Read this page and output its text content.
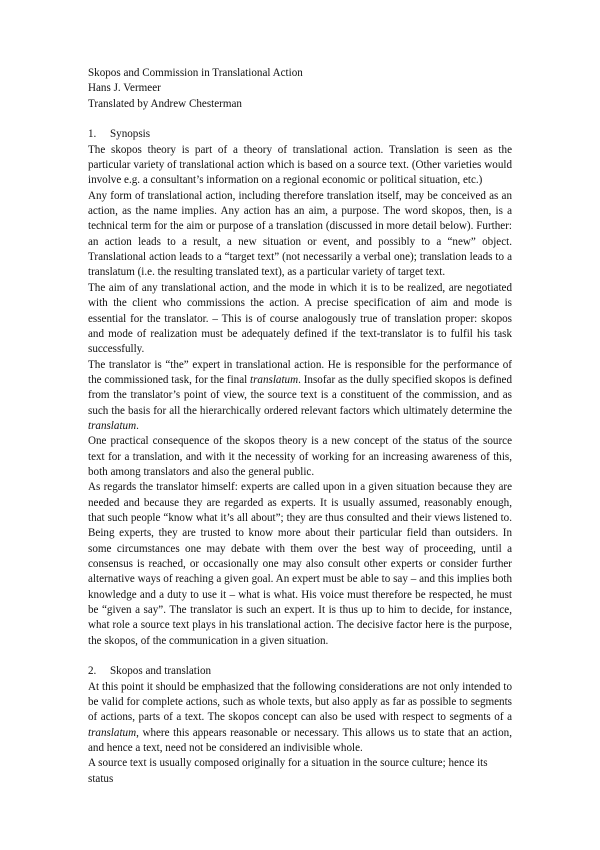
Skopos and Commission in Translational Action
Hans J. Vermeer
Translated by Andrew Chesterman

1. Synopsis

The skopos theory is part of a theory of translational action. Translation is seen as the particular variety of translational action which is based on a source text. (Other varieties would involve e.g. a consultant’s information on a regional economic or political situation, etc.)

Any form of translational action, including therefore translation itself, may be conceived as an action, as the name implies. Any action has an aim, a purpose. The word skopos, then, is a technical term for the aim or purpose of a translation (discussed in more detail below). Further: an action leads to a result, a new situation or event, and possibly to a “new” object. Translational action leads to a “target text” (not necessarily a verbal one); translation leads to a translatum (i.e. the resulting translated text), as a particular variety of target text.

The aim of any translational action, and the mode in which it is to be realized, are negotiated with the client who commissions the action. A precise specification of aim and mode is essential for the translator. – This is of course analogously true of translation proper: skopos and mode of realization must be adequately defined if the text-translator is to fulfil his task successfully.

The translator is “the” expert in translational action. He is responsible for the performance of the commissioned task, for the final translatum. Insofar as the dully specified skopos is defined from the translator’s point of view, the source text is a constituent of the commission, and as such the basis for all the hierarchically ordered relevant factors which ultimately determine the translatum.

One practical consequence of the skopos theory is a new concept of the status of the source text for a translation, and with it the necessity of working for an increasing awareness of this, both among translators and also the general public.

As regards the translator himself: experts are called upon in a given situation because they are needed and because they are regarded as experts. It is usually assumed, reasonably enough, that such people “know what it’s all about”; they are thus consulted and their views listened to. Being experts, they are trusted to know more about their particular field than outsiders. In some circumstances one may debate with them over the best way of proceeding, until a consensus is reached, or occasionally one may also consult other experts or consider further alternative ways of reaching a given goal. An expert must be able to say – and this implies both knowledge and a duty to use it – what is what. His voice must therefore be respected, he must be “given a say”. The translator is such an expert. It is thus up to him to decide, for instance, what role a source text plays in his translational action. The decisive factor here is the purpose, the skopos, of the communication in a given situation.

2. Skopos and translation

At this point it should be emphasized that the following considerations are not only intended to be valid for complete actions, such as whole texts, but also apply as far as possible to segments of actions, parts of a text. The skopos concept can also be used with respect to segments of a translatum, where this appears reasonable or necessary. This allows us to state that an action, and hence a text, need not be considered an indivisible whole.

A source text is usually composed originally for a situation in the source culture; hence its status
